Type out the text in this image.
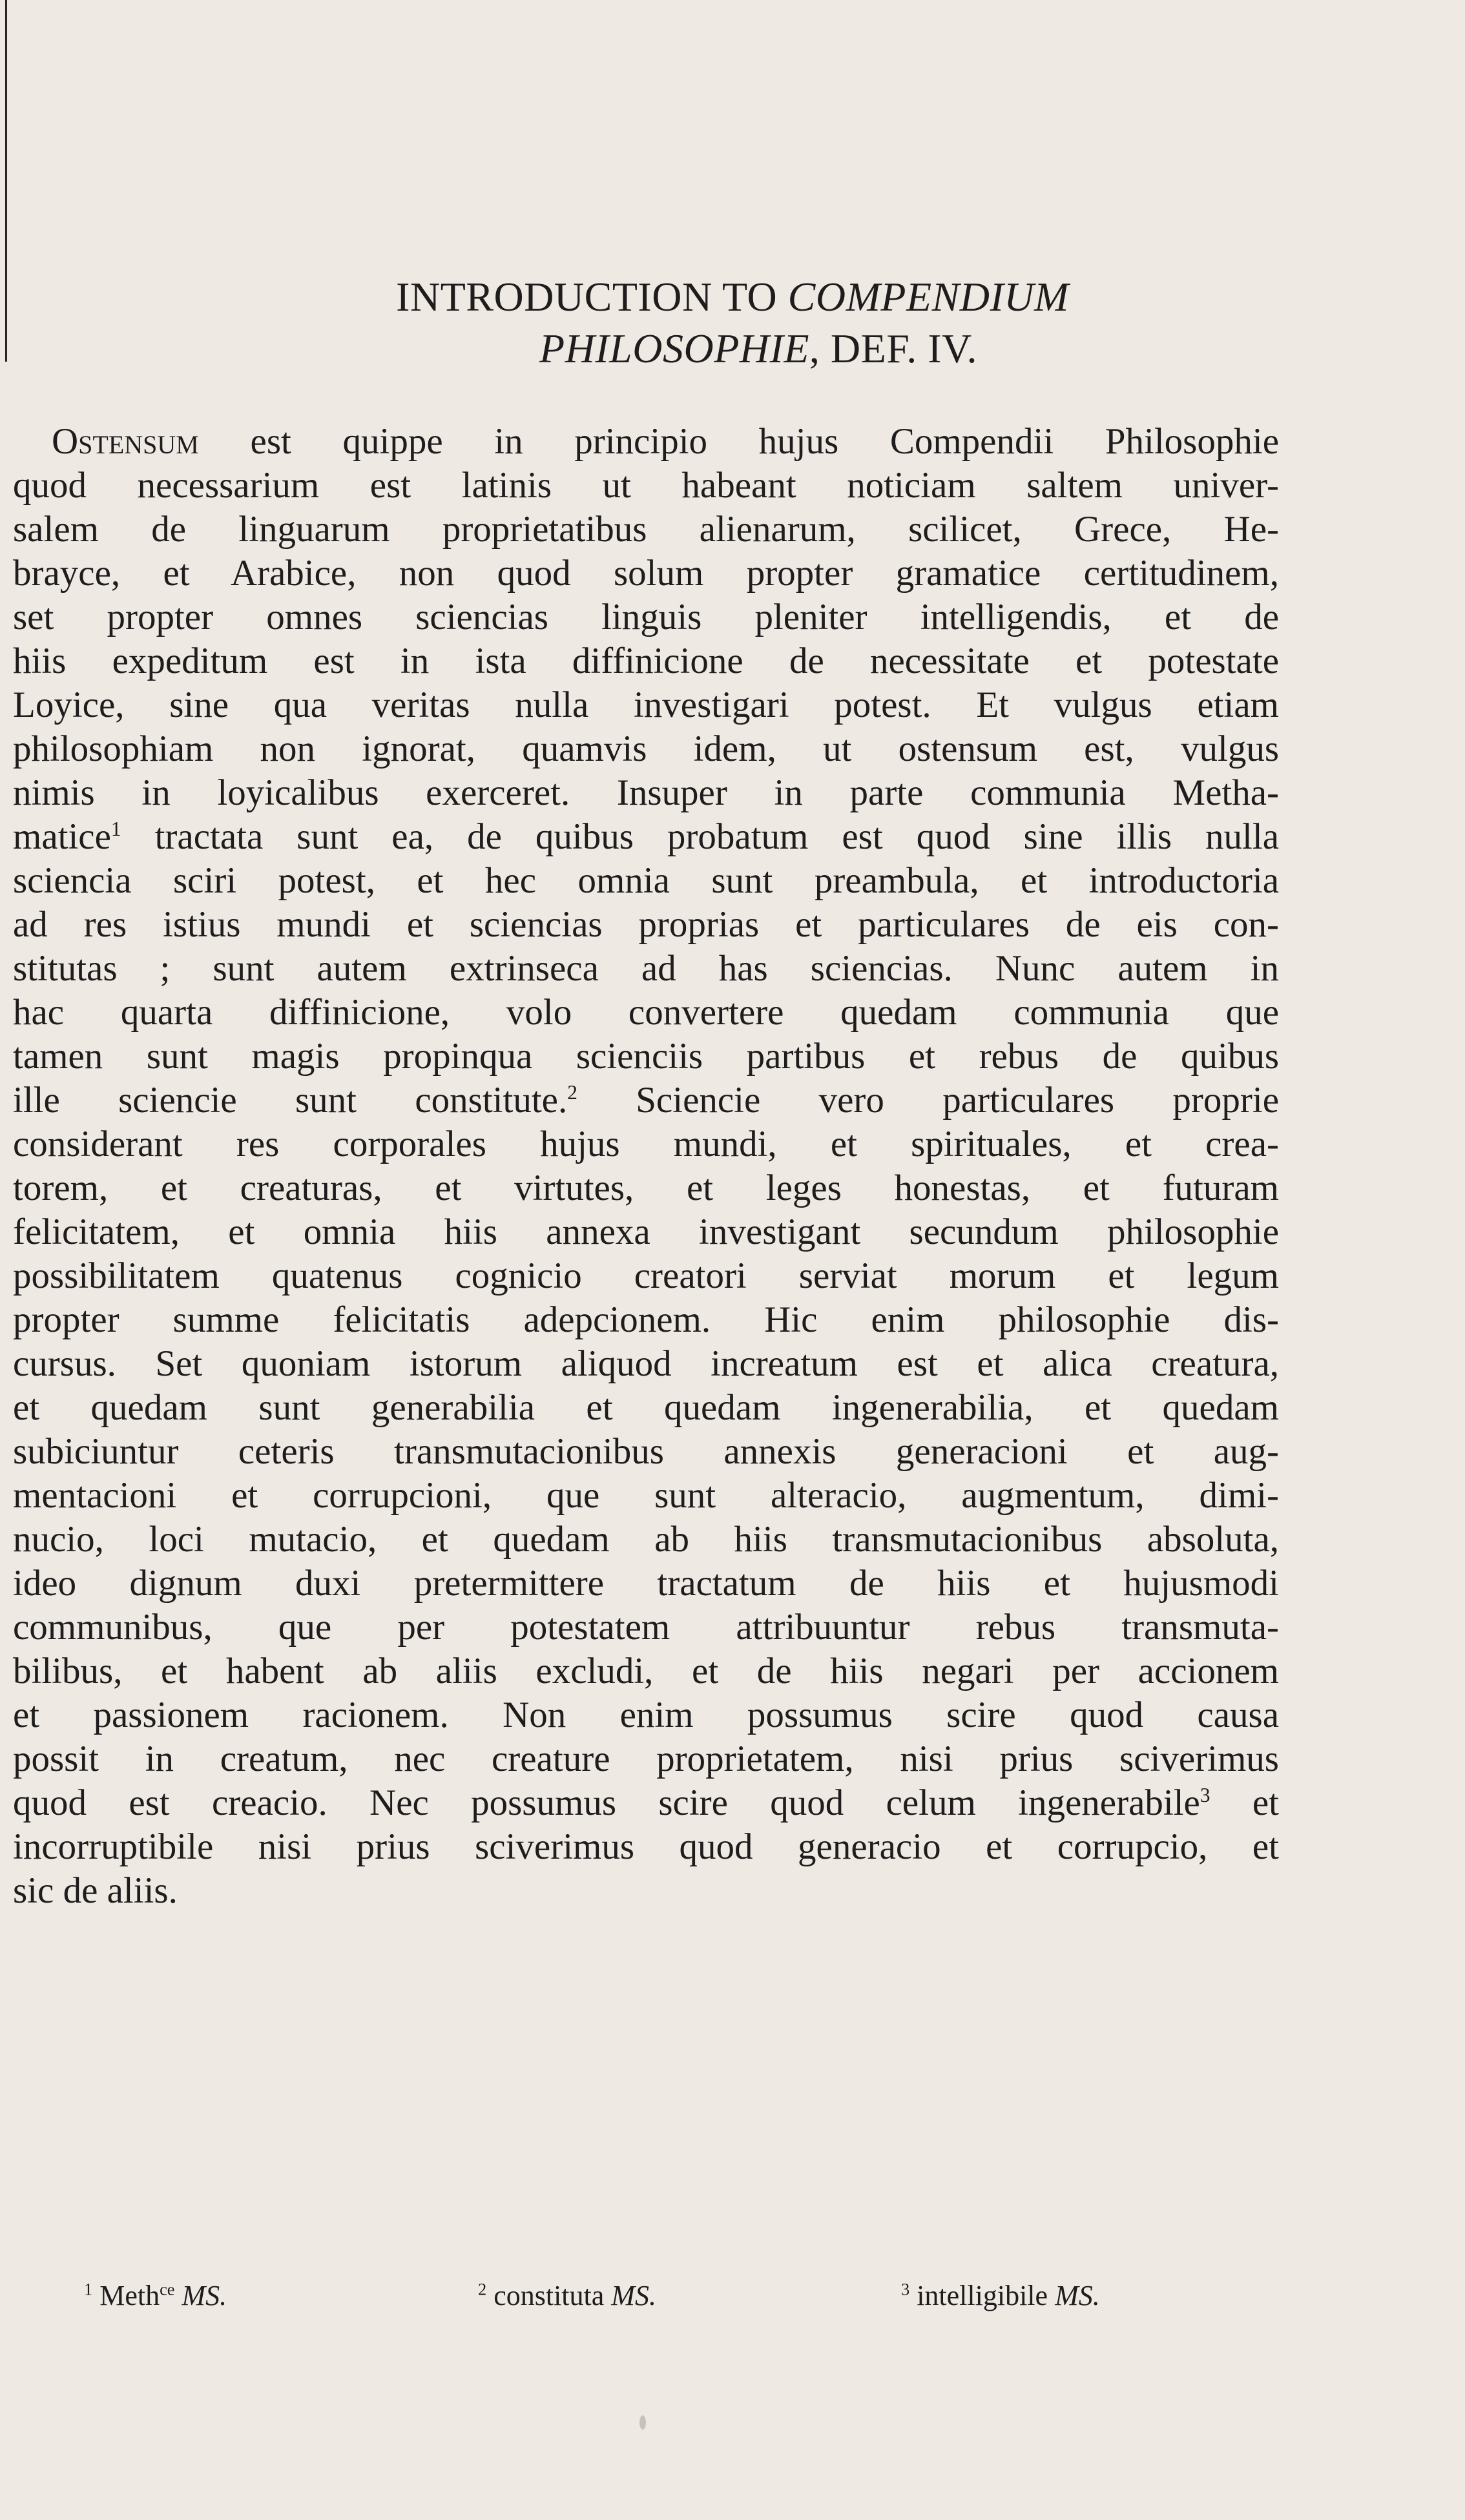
INTRODUCTION TO COMPENDIUM
PHILOSOPHIE, DEF. IV.
Ostensum est quippe in principio hujus Compendii Philosophie
quod necessarium est latinis ut habeant noticiam saltem univer-
salem de linguarum proprietatibus alienarum, scilicet, Grece, He-
brayce, et Arabice, non quod solum propter gramatice certitudinem,
set propter omnes sciencias linguis pleniter intelligendis, et de
hiis expeditum est in ista diffinicione de necessitate et potestate
Loyice, sine qua veritas nulla investigari potest. Et vulgus etiam
philosophiam non ignorat, quamvis idem, ut ostensum est, vulgus
nimis in loyicalibus exerceret. Insuper in parte communia Metha-
matice$^1$ tractata sunt ea, de quibus probatum est quod sine illis nulla
sciencia sciri potest, et hec omnia sunt preambula, et introductoria
ad res istius mundi et sciencias proprias et particulares de eis con-
stitutas ; sunt autem extrinseca ad has sciencias. Nunc autem in
hac quarta diffinicione, volo convertere quedam communia que
tamen sunt magis propinqua scienciis partibus et rebus de quibus
ille sciencie sunt constitute.$^2$ Sciencie vero particulares proprie
considerant res corporales hujus mundi, et spirituales, et crea-
torem, et creaturas, et virtutes, et leges honestas, et futuram
felicitatem, et omnia hiis annexa investigant secundum philosophie
possibilitatem quatenus cognicio creatori serviat morum et legum
propter summe felicitatis adepcionem. Hic enim philosophie dis-
cursus. Set quoniam istorum aliquod increatum est et alica creatura,
et quedam sunt generabilia et quedam ingenerabilia, et quedam
subiciuntur ceteris transmutacionibus annexis generacioni et aug-
mentacioni et corrupcioni, que sunt alteracio, augmentum, dimi-
nucio, loci mutacio, et quedam ab hiis transmutacionibus absoluta,
ideo dignum duxi pretermittere tractatum de hiis et hujusmodi
communibus, que per potestatem attribuuntur rebus transmuta-
bilibus, et habent ab aliis excludi, et de hiis negari per accionem
et passionem racionem. Non enim possumus scire quod causa
possit in creatum, nec creature proprietatem, nisi prius sciverimus
quod est creacio. Nec possumus scire quod celum ingenerabile$^3$ et
incorruptibile nisi prius sciverimus quod generacio et corrupcio, et
sic de aliis.
$^1$ Meth$^{ce}$ MS.	$^2$ constituta MS.	$^3$ intelligibile MS.
